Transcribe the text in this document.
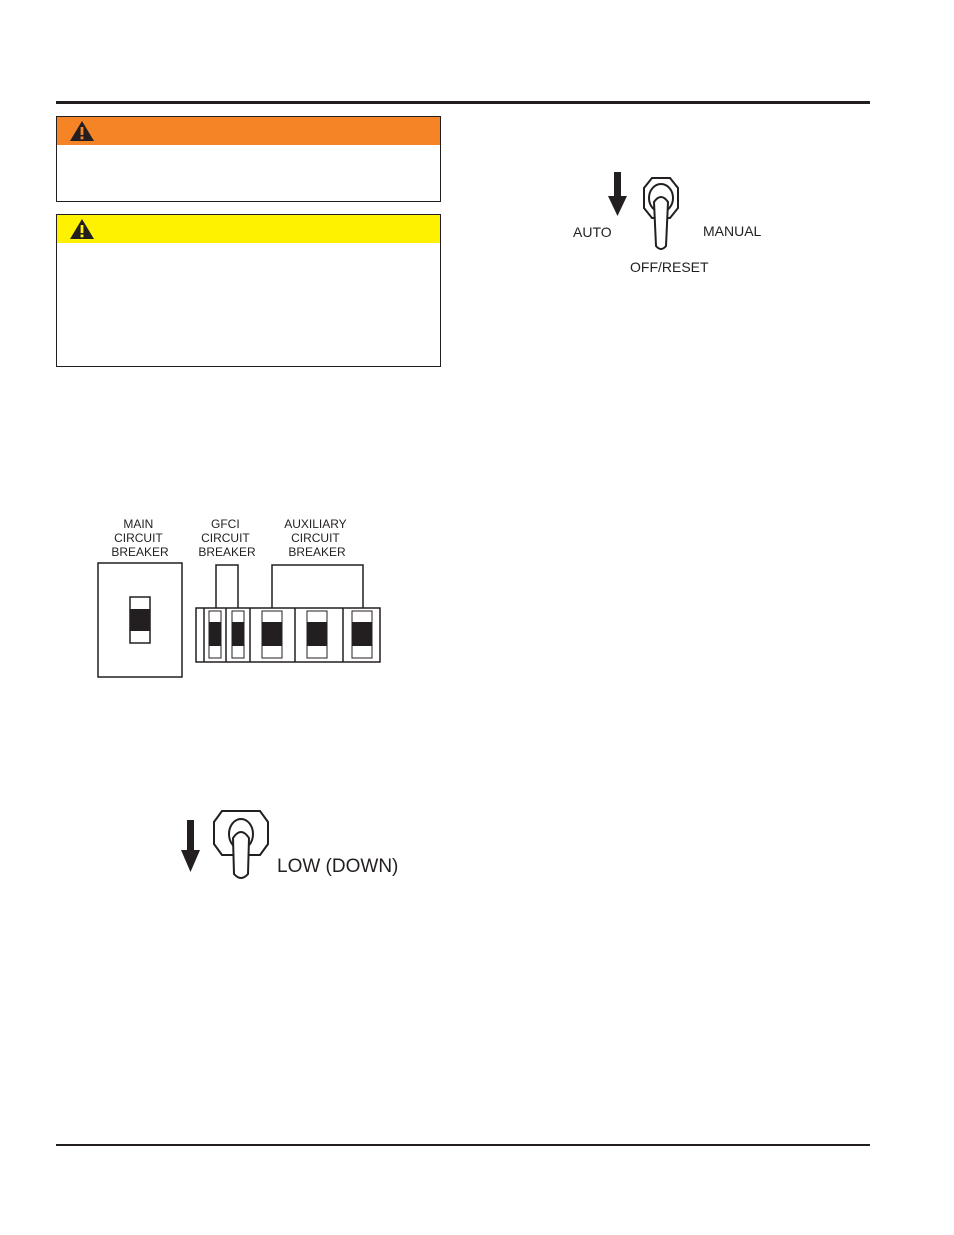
AUTO	MANUAL
OFF/RESET
MAIN CIRCUIT BREAKER
GFCI CIRCUIT BREAKER
AUXILIARY CIRCUIT BREAKER
LOW (DOWN)
